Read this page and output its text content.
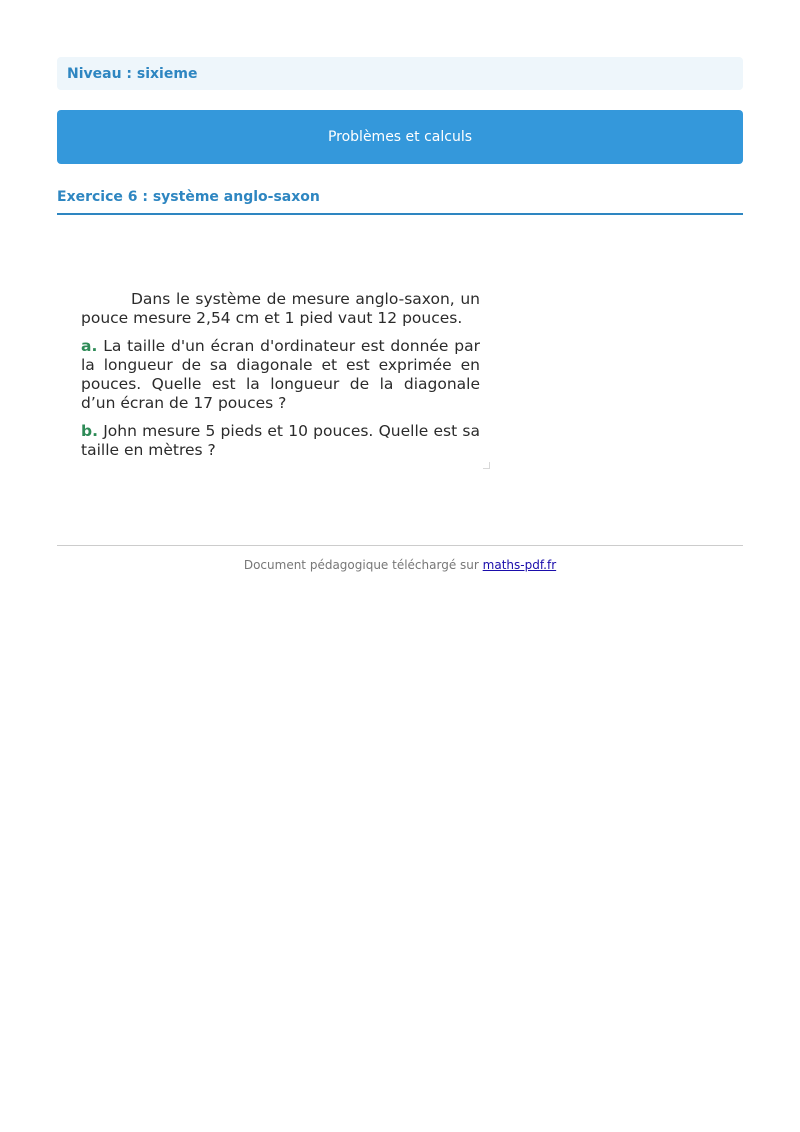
Niveau : sixieme
Problèmes et calculs
Exercice 6 : système anglo-saxon

Dans le système de mesure anglo-saxon, un pouce mesure 2,54 cm et 1 pied vaut 12 pouces.

a. La taille d'un écran d'ordinateur est donnée par la longueur de sa diagonale et est exprimée en pouces. Quelle est la longueur de la diagonale d’un écran de 17 pouces ?

b. John mesure 5 pieds et 10 pouces. Quelle est sa taille en mètres ?

Document pédagogique téléchargé sur maths-pdf.fr
